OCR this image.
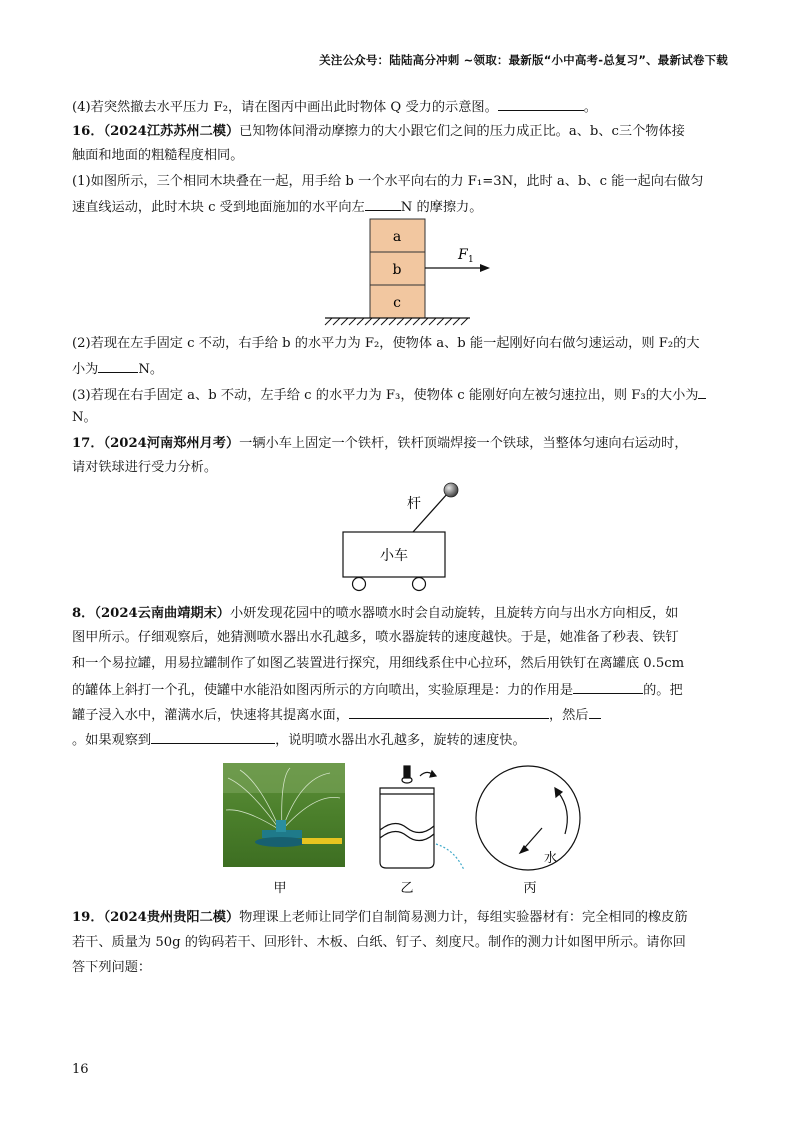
关注公众号：陆陆高分冲刺 ~领取：最新版“小中高考-总复习”、最新试卷下载
(4)若突然撤去水平压力 F₂，请在图丙中画出此时物体 Q 受力的示意图。	。
16．（2024江苏苏州二模）已知物体间滑动摩擦力的大小跟它们之间的压力成正比。a、b、c三个物体接
触面和地面的粗糙程度相同。
(1)如图所示，三个相同木块叠在一起，用手给 b 一个水平向右的力 F₁=3N，此时 a、b、c 能一起向右做匀
速直线运动，此时木块 c 受到地面施加的水平向左	N 的摩擦力。
a
b
c
F 1
(2)若现在左手固定 c 不动，右手给 b 的水平力为 F₂，使物体 a、b 能一起刚好向右做匀速运动，则 F₂的大
小为	N。
(3)若现在右手固定 a、b 不动，左手给 c 的水平力为 F₃，使物体 c 能刚好向左被匀速拉出，则 F₃的大小为
N。
17．（2024河南郑州月考）一辆小车上固定一个铁杆，铁杆顶端焊接一个铁球，当整体匀速向右运动时，
请对铁球进行受力分析。
杆
小车
8．（2024云南曲靖期末）小妍发现花园中的喷水器喷水时会自动旋转，且旋转方向与出水方向相反，如
图甲所示。仔细观察后，她猜测喷水器出水孔越多，喷水器旋转的速度越快。于是，她准备了秒表、铁钉
和一个易拉罐，用易拉罐制作了如图乙装置进行探究，用细线系住中心拉环，然后用铁钉在离罐底 0.5cm
的罐体上斜打一个孔，使罐中水能沿如图丙所示的方向喷出，实验原理是：力的作用是	的。把
罐子浸入水中，灌满水后，快速将其提离水面，	，然后
。如果观察到	，说明喷水器出水孔越多，旋转的速度快。
水
甲	乙	丙
19．（2024贵州贵阳二模）物理课上老师让同学们自制简易测力计，每组实验器材有：完全相同的橡皮筋
若干、质量为 50g 的钩码若干、回形针、木板、白纸、钉子、刻度尺。制作的测力计如图甲所示。请你回
答下列问题：
16
